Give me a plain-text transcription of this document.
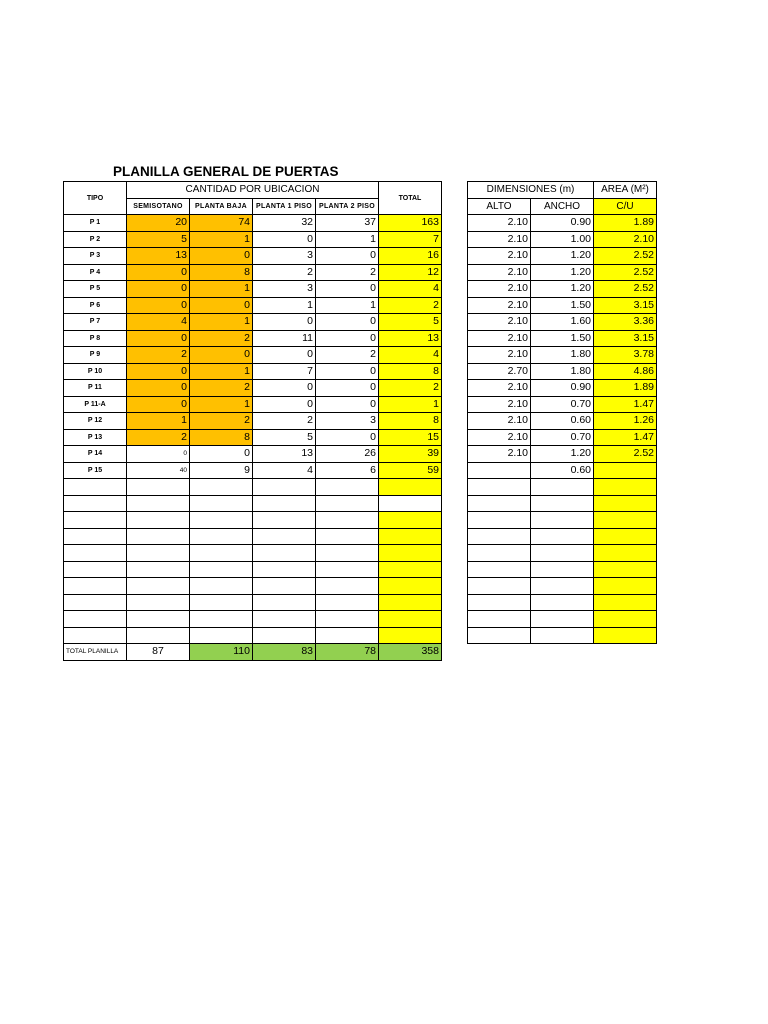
PLANILLA GENERAL DE PUERTAS
TIPO	CANTIDAD POR UBICACION				TOTAL		DIMENSIONES (m)		AREA (M²)
	SEMISOTANO	PLANTA BAJA	PLANTA 1 PISO	PLANTA 2 PISO			ALTO	ANCHO	C/U
P 1	20	74	32	37	163		2.10	0.90	1.89
P 2	5	1	0	1	7		2.10	1.00	2.10
P 3	13	0	3	0	16		2.10	1.20	2.52
P 4	0	8	2	2	12		2.10	1.20	2.52
P 5	0	1	3	0	4		2.10	1.20	2.52
P 6	0	0	1	1	2		2.10	1.50	3.15
P 7	4	1	0	0	5		2.10	1.60	3.36
P 8	0	2	11	0	13		2.10	1.50	3.15
P 9	2	0	0	2	4		2.10	1.80	3.78
P 10	0	1	7	0	8		2.70	1.80	4.86
P 11	0	2	0	0	2		2.10	0.90	1.89
P 11-A	0	1	0	0	1		2.10	0.70	1.47
P 12	1	2	2	3	8		2.10	0.60	1.26
P 13	2	8	5	0	15		2.10	0.70	1.47
P 14	0	0	13	26	39		2.10	1.20	2.52
P 15	40	9	4	6	59			0.60	

TOTAL PLANILLA	87	110	83	78	358				
